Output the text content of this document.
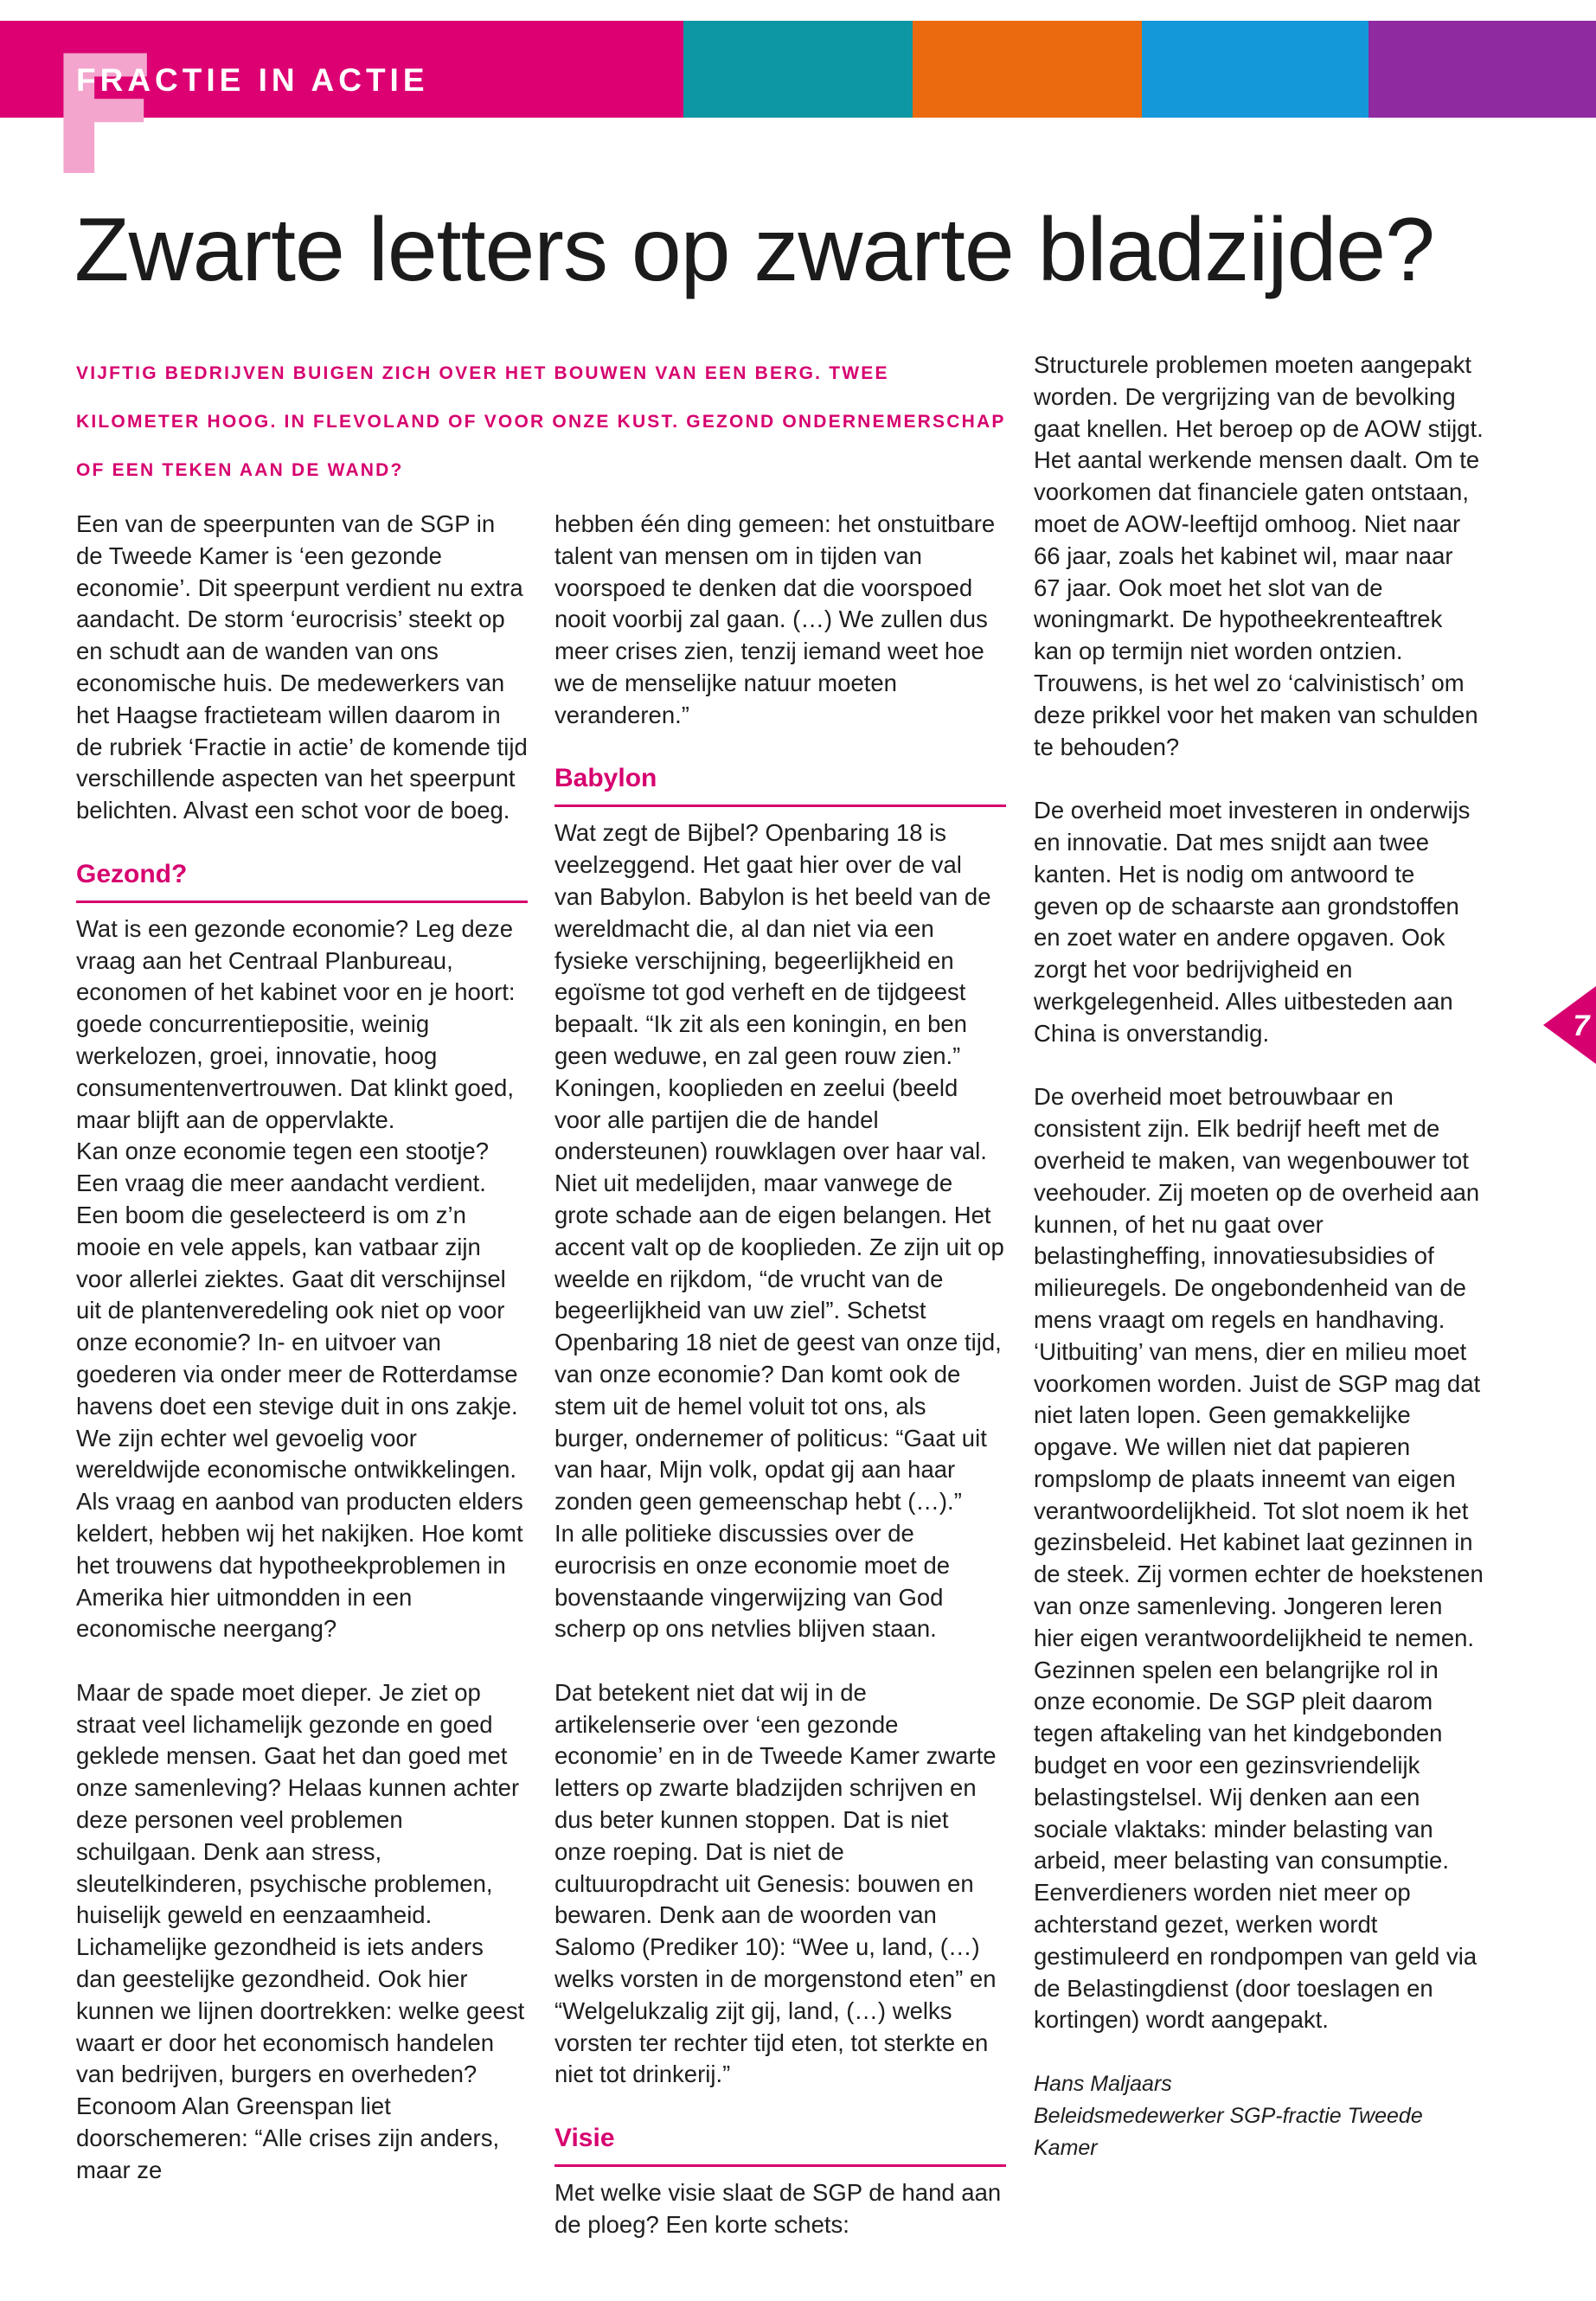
F
FRACTIE IN ACTIE
Zwarte letters op zwarte bladzijde?

VIJFTIG BEDRIJVEN BUIGEN ZICH OVER HET BOUWEN VAN EEN BERG. TWEE KILOMETER HOOG. IN FLEVOLAND OF VOOR ONZE KUST. GEZOND ONDERNEMERSCHAP OF EEN TEKEN AAN DE WAND?

Een van de speerpunten van de SGP in de Tweede Kamer is ‘een gezonde economie’. Dit speerpunt verdient nu extra aandacht. De storm ‘eurocrisis’ steekt op en schudt aan de wanden van ons economische huis. De medewerkers van het Haagse fractieteam willen daarom in de rubriek ‘Fractie in actie’ de komende tijd verschillende aspecten van het speerpunt belichten. Alvast een schot voor de boeg.

Gezond?

Wat is een gezonde economie? Leg deze vraag aan het Centraal Planbureau, economen of het kabinet voor en je hoort: goede concurrentiepositie, weinig werkelozen, groei, innovatie, hoog consumentenvertrouwen. Dat klinkt goed, maar blijft aan de oppervlakte.

Kan onze economie tegen een stootje? Een vraag die meer aandacht verdient. Een boom die geselecteerd is om z’n mooie en vele appels, kan vatbaar zijn voor allerlei ziektes. Gaat dit verschijnsel uit de plantenveredeling ook niet op voor onze economie? In- en uitvoer van goederen via onder meer de Rotterdamse havens doet een stevige duit in ons zakje. We zijn echter wel gevoelig voor wereldwijde economische ontwikkelingen. Als vraag en aanbod van producten elders keldert, hebben wij het nakijken. Hoe komt het trouwens dat hypotheekproblemen in Amerika hier uitmondden in een economische neergang?

Maar de spade moet dieper. Je ziet op straat veel lichamelijk gezonde en goed geklede mensen. Gaat het dan goed met onze samenleving? Helaas kunnen achter deze personen veel problemen schuilgaan. Denk aan stress, sleutelkinderen, psychische problemen, huiselijk geweld en eenzaamheid. Lichamelijke gezondheid is iets anders dan geestelijke gezondheid. Ook hier kunnen we lijnen doortrekken: welke geest waart er door het economisch handelen van bedrijven, burgers en overheden?

Econoom Alan Greenspan liet doorschemeren: “Alle crises zijn anders, maar ze

hebben één ding gemeen: het onstuitbare talent van mensen om in tijden van voorspoed te denken dat die voorspoed nooit voorbij zal gaan. (…) We zullen dus meer crises zien, tenzij iemand weet hoe we de menselijke natuur moeten veranderen.”

Babylon

Wat zegt de Bijbel? Openbaring 18 is veelzeggend. Het gaat hier over de val van Babylon. Babylon is het beeld van de wereldmacht die, al dan niet via een fysieke verschijning, begeerlijkheid en egoïsme tot god verheft en de tijdgeest bepaalt. “Ik zit als een koningin, en ben geen weduwe, en zal geen rouw zien.” Koningen, kooplieden en zeelui (beeld voor alle partijen die de handel ondersteunen) rouwklagen over haar val. Niet uit medelijden, maar vanwege de grote schade aan de eigen belangen. Het accent valt op de kooplieden. Ze zijn uit op weelde en rijkdom, “de vrucht van de begeerlijkheid van uw ziel”. Schetst Openbaring 18 niet de geest van onze tijd, van onze economie? Dan komt ook de stem uit de hemel voluit tot ons, als burger, ondernemer of politicus: “Gaat uit van haar, Mijn volk, opdat gij aan haar zonden geen gemeenschap hebt (…).”

In alle politieke discussies over de eurocrisis en onze economie moet de bovenstaande vingerwijzing van God scherp op ons netvlies blijven staan.

Dat betekent niet dat wij in de artikelenserie over ‘een gezonde economie’ en in de Tweede Kamer zwarte letters op zwarte bladzijden schrijven en dus beter kunnen stoppen. Dat is niet onze roeping. Dat is niet de cultuuropdracht uit Genesis: bouwen en bewaren. Denk aan de woorden van Salomo (Prediker 10): “Wee u, land, (…) welks vorsten in de morgenstond eten” en “Welgelukzalig zijt gij, land, (…) welks vorsten ter rechter tijd eten, tot sterkte en niet tot drinkerij.”

Visie

Met welke visie slaat de SGP de hand aan de ploeg? Een korte schets:

Structurele problemen moeten aangepakt worden. De vergrijzing van de bevolking gaat knellen. Het beroep op de AOW stijgt. Het aantal werkende mensen daalt. Om te voorkomen dat financiele gaten ontstaan, moet de AOW-leeftijd omhoog. Niet naar 66 jaar, zoals het kabinet wil, maar naar 67 jaar. Ook moet het slot van de woningmarkt. De hypotheekrenteaftrek kan op termijn niet worden ontzien. Trouwens, is het wel zo ‘calvinistisch’ om deze prikkel voor het maken van schulden te behouden?

De overheid moet investeren in onderwijs en innovatie. Dat mes snijdt aan twee kanten. Het is nodig om antwoord te geven op de schaarste aan grondstoffen en zoet water en andere opgaven. Ook zorgt het voor bedrijvigheid en werkgelegenheid. Alles uitbesteden aan China is onverstandig.

De overheid moet betrouwbaar en consistent zijn. Elk bedrijf heeft met de overheid te maken, van wegenbouwer tot veehouder. Zij moeten op de overheid aan kunnen, of het nu gaat over belastingheffing, innovatiesubsidies of milieuregels. De ongebondenheid van de mens vraagt om regels en handhaving. ‘Uitbuiting’ van mens, dier en milieu moet voorkomen worden. Juist de SGP mag dat niet laten lopen. Geen gemakkelijke opgave. We willen niet dat papieren rompslomp de plaats inneemt van eigen verantwoordelijkheid. Tot slot noem ik het gezinsbeleid. Het kabinet laat gezinnen in de steek. Zij vormen echter de hoekstenen van onze samenleving. Jongeren leren hier eigen verantwoordelijkheid te nemen. Gezinnen spelen een belangrijke rol in onze economie. De SGP pleit daarom tegen aftakeling van het kindgebonden budget en voor een gezinsvriendelijk belastingstelsel. Wij denken aan een sociale vlaktaks: minder belasting van arbeid, meer belasting van consumptie. Eenverdieners worden niet meer op achterstand gezet, werken wordt gestimuleerd en rondpompen van geld via de Belastingdienst (door toeslagen en kortingen) wordt aangepakt.

Hans Maljaars
Beleidsmedewerker SGP-fractie Tweede Kamer
7
